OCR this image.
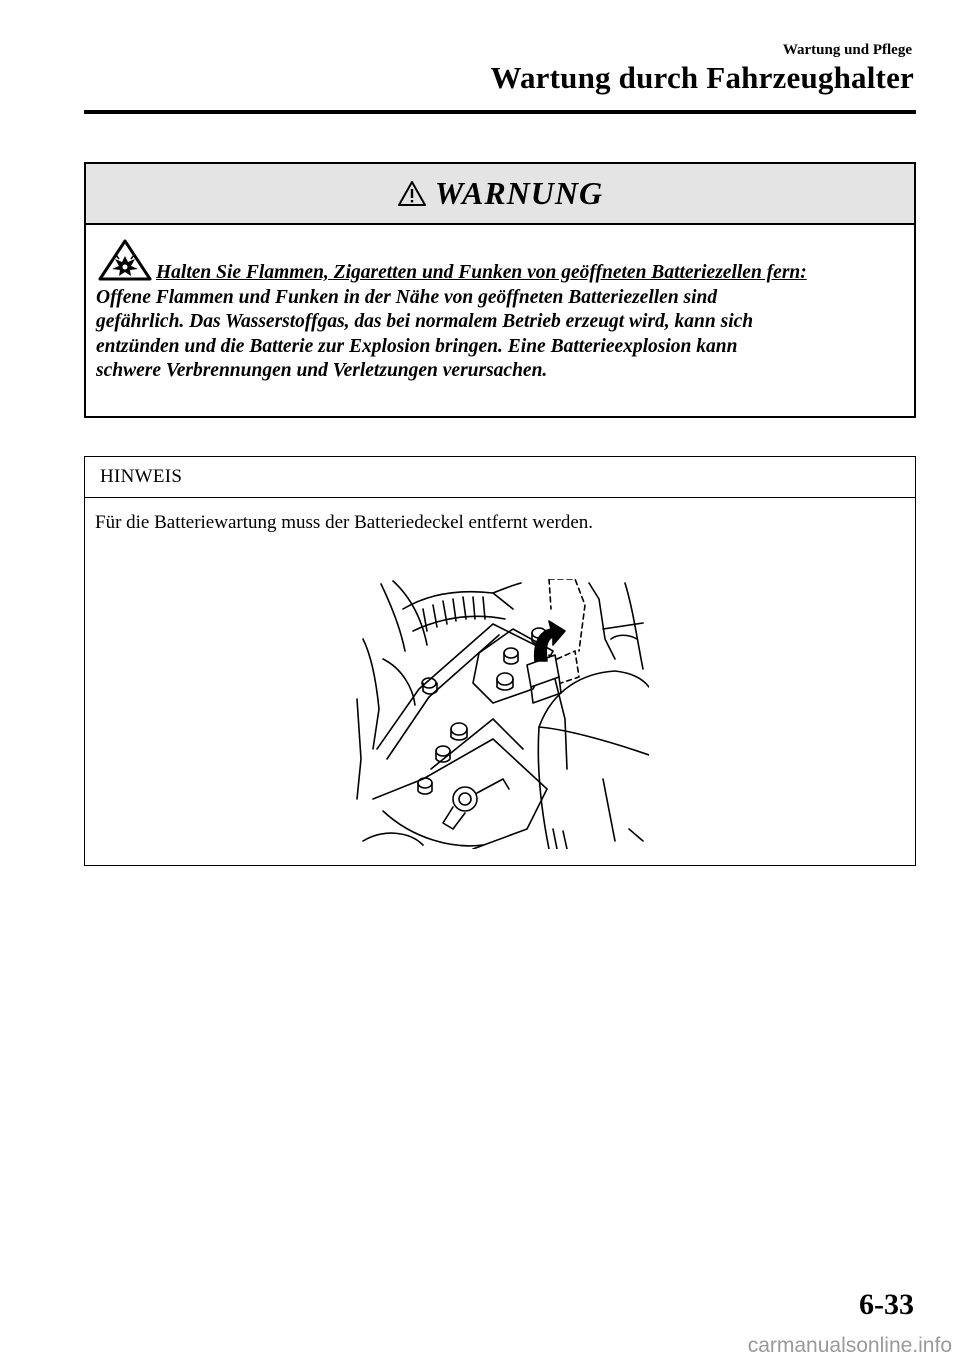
Wartung und Pflege

Wartung durch Fahrzeughalter
WARNUNG
Halten Sie Flammen, Zigaretten und Funken von geöffneten Batteriezellen fern:
Offene Flammen und Funken in der Nähe von geöffneten Batteriezellen sind
gefährlich. Das Wasserstoffgas, das bei normalem Betrieb erzeugt wird, kann sich
entzünden und die Batterie zur Explosion bringen. Eine Batterieexplosion kann
schwere Verbrennungen und Verletzungen verursachen.
HINWEIS

Für die Batteriewartung muss der Batteriedeckel entfernt werden.

6-33

carmanualsonline.info
